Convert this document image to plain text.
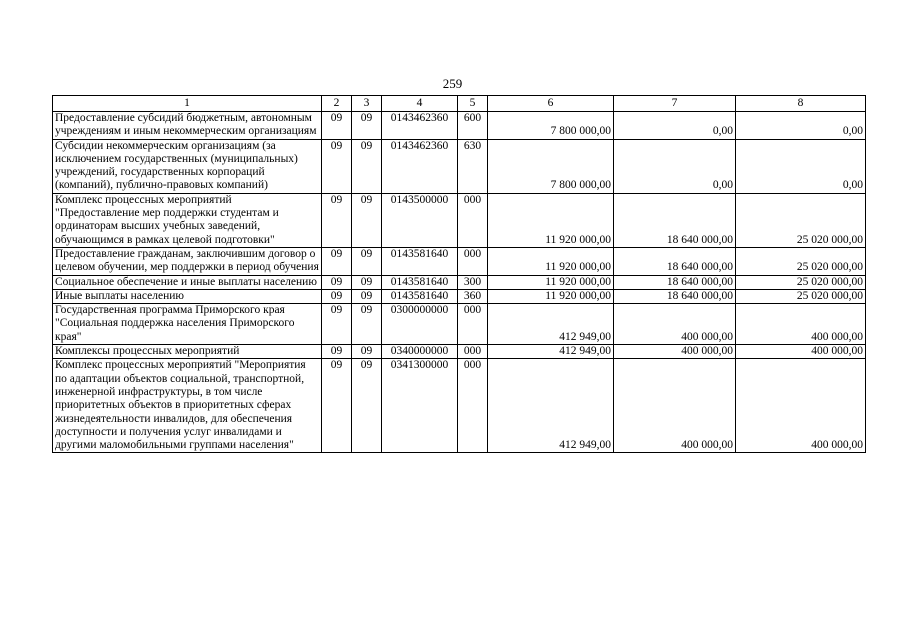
259
1	2	3	4	5	6	7	8
Предоставление субсидий бюджетным, автономным учреждениям и иным некоммерческим организациям	09	09	0143462360	600	7 800 000,00	0,00	0,00
Субсидии некоммерческим организациям (за исключением государственных (муниципальных) учреждений, государственных корпораций (компаний), публично-правовых компаний)	09	09	0143462360	630	7 800 000,00	0,00	0,00
Комплекс процессных мероприятий "Предоставление мер поддержки студентам и ординаторам высших учебных заведений, обучающимся в рамках целевой подготовки"	09	09	0143500000	000	11 920 000,00	18 640 000,00	25 020 000,00
Предоставление гражданам, заключившим договор о целевом обучении, мер поддержки в период обучения	09	09	0143581640	000	11 920 000,00	18 640 000,00	25 020 000,00
Социальное обеспечение и иные выплаты населению	09	09	0143581640	300	11 920 000,00	18 640 000,00	25 020 000,00
Иные выплаты населению	09	09	0143581640	360	11 920 000,00	18 640 000,00	25 020 000,00
Государственная программа Приморского края "Социальная поддержка населения Приморского края"	09	09	0300000000	000	412 949,00	400 000,00	400 000,00
Комплексы процессных мероприятий	09	09	0340000000	000	412 949,00	400 000,00	400 000,00
Комплекс процессных мероприятий "Мероприятия по адаптации объектов социальной, транспортной, инженерной инфраструктуры, в том числе приоритетных объектов в приоритетных сферах жизнедеятельности инвалидов, для обеспечения доступности и получения услуг инвалидами и другими маломобильными группами населения"	09	09	0341300000	000	412 949,00	400 000,00	400 000,00
